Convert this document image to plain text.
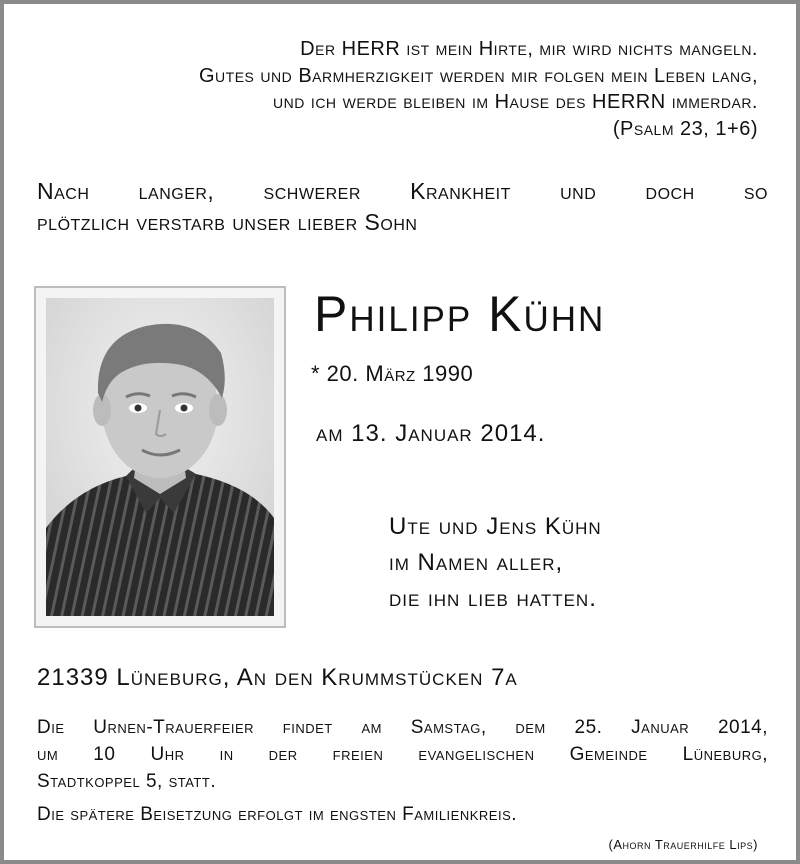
Der HERR ist mein Hirte, mir wird nichts mangeln.
Gutes und Barmherzigkeit werden mir folgen mein Leben lang,
und ich werde bleiben im Hause des HERRN immerdar.
(Psalm 23, 1+6)
Nach langer, schwerer Krankheit und doch so
plötzlich verstarb unser lieber Sohn
Philipp Kühn
* 20. März 1990
am 13. Januar 2014.
Ute und Jens Kühn
im Namen aller,
die ihn lieb hatten.
21339 Lüneburg, An den Krummstücken 7a
Die Urnen-Trauerfeier findet am Samstag, dem 25. Januar 2014,
um 10 Uhr in der freien evangelischen Gemeinde Lüneburg,
Stadtkoppel 5, statt.
Die spätere Beisetzung erfolgt im engsten Familienkreis.
(Ahorn Trauerhilfe Lips)
